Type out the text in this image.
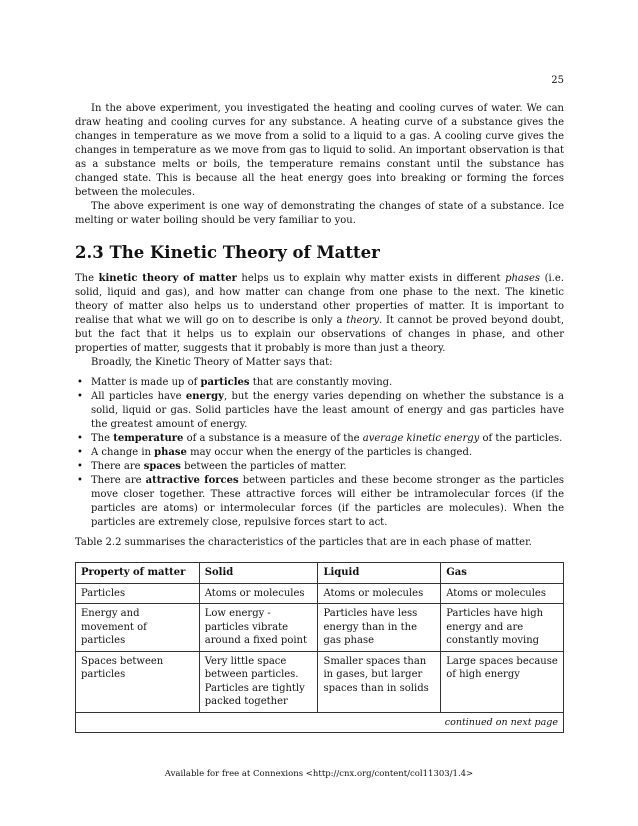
25

In the above experiment, you investigated the heating and cooling curves of water. We can draw heating and cooling curves for any substance. A heating curve of a substance gives the changes in temperature as we move from a solid to a liquid to a gas. A cooling curve gives the changes in temperature as we move from gas to liquid to solid. An important observation is that as a substance melts or boils, the temperature remains constant until the substance has changed state. This is because all the heat energy goes into breaking or forming the forces between the molecules.

The above experiment is one way of demonstrating the changes of state of a substance. Ice melting or water boiling should be very familiar to you.

2.3 The Kinetic Theory of Matter

The kinetic theory of matter helps us to explain why matter exists in different phases (i.e. solid, liquid and gas), and how matter can change from one phase to the next. The kinetic theory of matter also helps us to understand other properties of matter. It is important to realise that what we will go on to describe is only a theory. It cannot be proved beyond doubt, but the fact that it helps us to explain our observations of changes in phase, and other properties of matter, suggests that it probably is more than just a theory.

Broadly, the Kinetic Theory of Matter says that:

• Matter is made up of particles that are constantly moving.
• All particles have energy, but the energy varies depending on whether the substance is a solid, liquid or gas. Solid particles have the least amount of energy and gas particles have the greatest amount of energy.
• The temperature of a substance is a measure of the average kinetic energy of the particles.
• A change in phase may occur when the energy of the particles is changed.
• There are spaces between the particles of matter.
• There are attractive forces between particles and these become stronger as the particles move closer together. These attractive forces will either be intramolecular forces (if the particles are atoms) or intermolecular forces (if the particles are molecules). When the particles are extremely close, repulsive forces start to act.

Table 2.2 summarises the characteristics of the particles that are in each phase of matter.

Property of matter	Solid	Liquid	Gas
Particles	Atoms or molecules	Atoms or molecules	Atoms or molecules
Energy and movement of particles	Low energy - particles vibrate around a fixed point	Particles have less energy than in the gas phase	Particles have high energy and are constantly moving
Spaces between particles	Very little space between particles. Particles are tightly packed together	Smaller spaces than in gases, but larger spaces than in solids	Large spaces because of high energy
continued on next page			
Available for free at Connexions <http://cnx.org/content/col11303/1.4>
